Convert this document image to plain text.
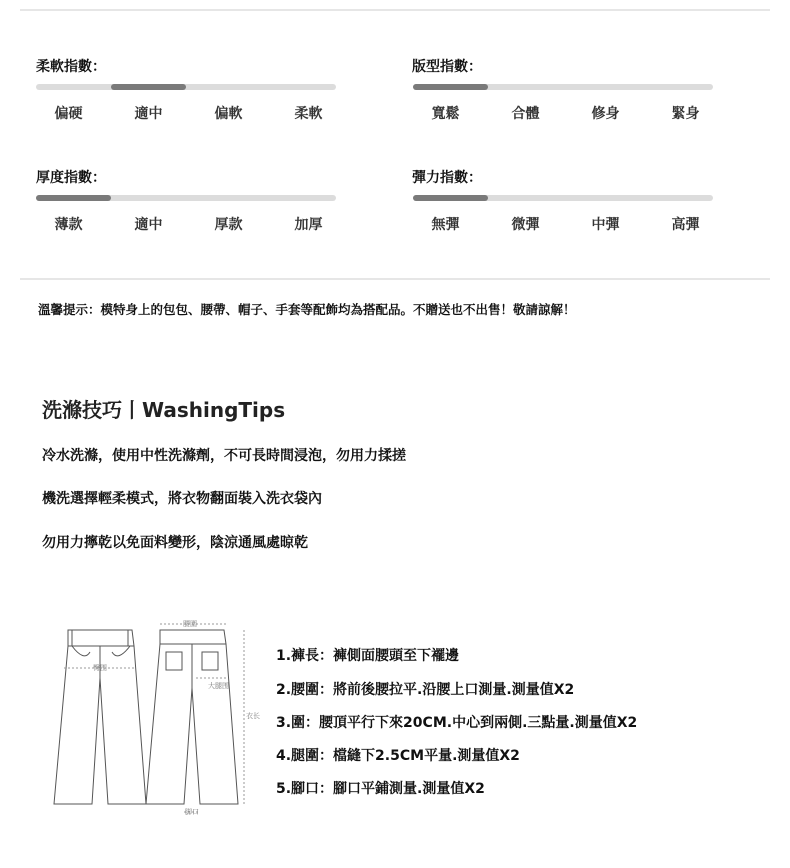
柔軟指數：
偏硬	適中	偏軟	柔軟
版型指數：
寬鬆	合體	修身	緊身
厚度指數：
薄款	適中	厚款	加厚
彈力指數：
無彈	微彈	中彈	高彈
溫馨提示：模特身上的包包、腰帶、帽子、手套等配飾均為搭配品。不贈送也不出售！敬請諒解！
洗滌技巧丨WashingTips
冷水洗滌，使用中性洗滌劑，不可長時間浸泡，勿用力揉搓
機洗選擇輕柔模式，將衣物翻面裝入洗衣袋內
勿用力擰乾以免面料變形，陰涼通風處晾乾
臀围
腰圍
大腿围
衣长
脚口
1.褲長：褲側面腰頭至下襬邊
2.腰圍：將前後腰拉平.沿腰上口測量.測量值X2
3.圍：腰頂平行下來20CM.中心到兩側.三點量.測量值X2
4.腿圍：檔縫下2.5CM平量.測量值X2
5.腳口：腳口平鋪測量.測量值X2
